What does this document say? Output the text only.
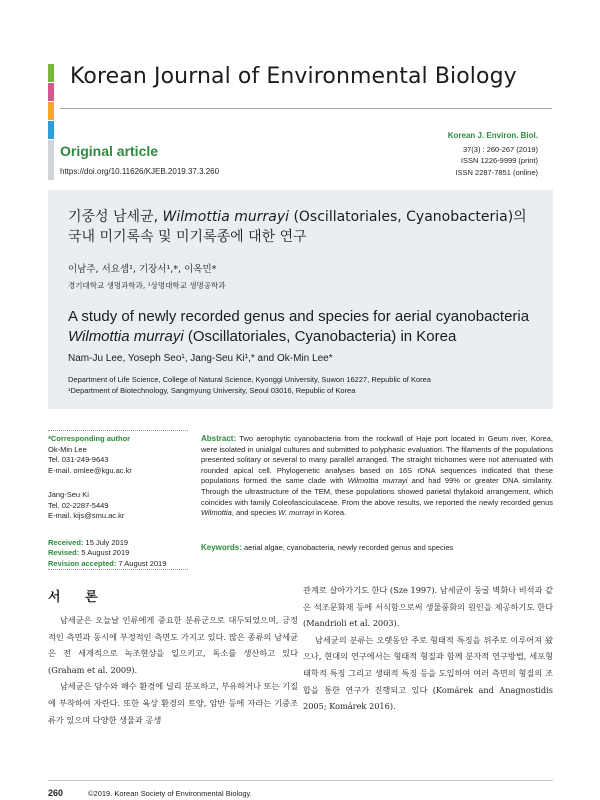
Korean Journal of Environmental Biology
Original article
https://doi.org/10.11626/KJEB.2019.37.3.260
Korean J. Environ. Biol.
37(3) : 260-267 (2019)
ISSN 1226-9999 (print)
ISSN 2287-7851 (online)
기중성 남세균, Wilmottia murrayi (Oscillatoriales, Cyanobacteria)의
국내 미기록속 및 미기록종에 대한 연구
이남주, 서요셉¹, 기장서¹,*, 이옥민*
경기대학교 생명과학과, ¹상명대학교 생명공학과
A study of newly recorded genus and species for aerial cyanobacteria
Wilmottia murrayi (Oscillatoriales, Cyanobacteria) in Korea
Nam-Ju Lee, Yoseph Seo¹, Jang-Seu Ki¹,* and Ok-Min Lee*
Department of Life Science, College of Natural Science, Kyonggi University, Suwon 16227, Republic of Korea
¹Department of Biotechnology, Sangmyung University, Seoul 03016, Republic of Korea
*Corresponding author
Ok-Min Lee
Tel. 031-249-9643
E-mail. omlee@kgu.ac.kr
Jang-Seu Ki
Tel. 02-2287-5449
E-mail. kijs@smu.ac.kr
Received: 15 July 2019
Revised: 5 August 2019
Revision accepted: 7 August 2019
Abstract: Two aerophytic cyanobacteria from the rockwall of Haje port located in Geum river, Korea, were isolated in unialgal cultures and submitted to polyphasic evaluation. The filaments of the populations presented solitary or several to many parallel arranged. The straight trichomes were not attenuated with rounded apical cell. Phylogenetic analyses based on 16S rDNA sequences indicated that these populations formed the same clade with Wilmottia murrayi and had 99% or greater DNA similarity. Through the ultrastructure of the TEM, these populations showed parietal thylakoid arrangement, which coincides with family Coleofasciculaceae. From the above results, we reported the newly recorded genus Wilmottia, and species W. murrayi in Korea.
Keywords: aerial algae, cyanobacteria, newly recorded genus and species
서 론

남세균은 오늘날 인류에게 중요한 분류군으로 대두되었으며, 긍정적인 측면과 동시에 부정적인 측면도 가지고 있다. 많은 종류의 남세균은 전 세계적으로 녹조현상을 일으키고, 독소를 생산하고 있다 (Graham et al. 2009).

남세균은 담수와 해수 환경에 널리 분포하고, 부유하거나 또는 기질에 부착하여 자란다. 또한 육상 환경의 토양, 암반 등에 자라는 기중조류가 있으며 다양한 생물과 공생

관계로 살아가기도 한다 (Sze 1997). 남세균이 둥굴 벽화나 비석과 같은 석조문화재 등에 서식함으로써 생물풍화의 원인을 제공하기도 한다 (Mandrioli et al. 2003).

남세균의 분류는 오랫동안 주로 형태적 특징을 위주로 이루어져 왔으나, 현대의 연구에서는 형태적 형질과 함께 분자적 연구방법, 세포형태학적 특징 그리고 생태적 특징 등을 도입하여 여러 측면의 형질의 조합을 통한 연구가 진행되고 있다 (Komárek and Anagnostidis 2005; Komárek 2016).

260	©2019. Korean Society of Environmental Biology.
